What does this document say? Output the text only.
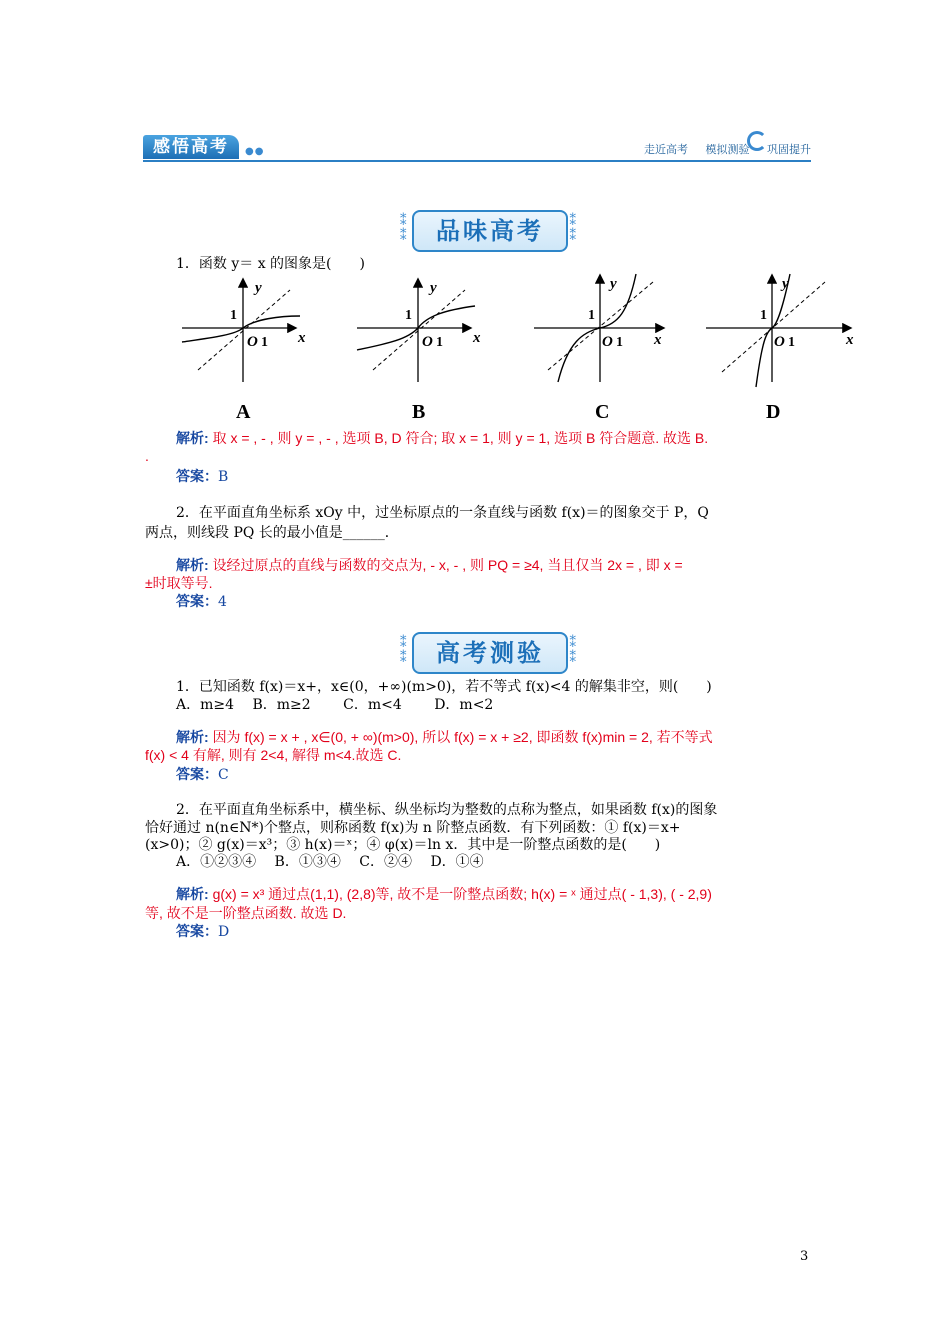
感悟高考	●●	走近高考 模拟测验 巩固提升
⁑
⁑	品味高考	⁑
⁑
1．函数 y＝ x 的图象是(　　)
1
y
x
O 1
1
y
x
O 1
1
y
x
O 1
1
y
x
O 1
A	B	C	D
解析: 取 x = , - , 则 y = , - , 选项 B, D 符合; 取 x = 1, 则 y = 1, 选项 B 符合题意. 故选 B.
.
答案：B
2．在平面直角坐标系 xOy 中，过坐标原点的一条直线与函数 f(x)＝的图象交于 P，Q
两点，则线段 PQ 长的最小值是______．
解析: 设经过原点的直线与函数的交点为, - x, - , 则 PQ = ≥4, 当且仅当 2x = , 即 x =
±时取等号.
答案：4
⁑
⁑	高考测验	⁑
⁑
1．已知函数 f(x)＝x+，x∈(0，+∞)(m>0)，若不等式 f(x)<4 的解集非空，则(　　)
A．m≥4　 B．m≥2　　 C．m<4　　 D．m<2
解析: 因为 f(x) = x + , x∈(0, + ∞)(m>0), 所以 f(x) = x + ≥2, 即函数 f(x)min = 2, 若不等式
f(x) < 4 有解, 则有 2<4, 解得 m<4.故选 C.
答案：C
2．在平面直角坐标系中，横坐标、纵坐标均为整数的点称为整点，如果函数 f(x)的图象
恰好通过 n(n∈N*)个整点，则称函数 f(x)为 n 阶整点函数．有下列函数：① f(x)＝x+
(x>0)；② g(x)＝x³；③ h(x)＝ˣ；④ φ(x)＝ln x．其中是一阶整点函数的是(　　)
A．①②③④　 B．①③④　 C．②④　 D．①④
解析: g(x) = x³ 通过点(1,1), (2,8)等, 故不是一阶整点函数; h(x) = ˣ 通过点( - 1,3), ( - 2,9)
等, 故不是一阶整点函数. 故选 D.
答案：D
3
